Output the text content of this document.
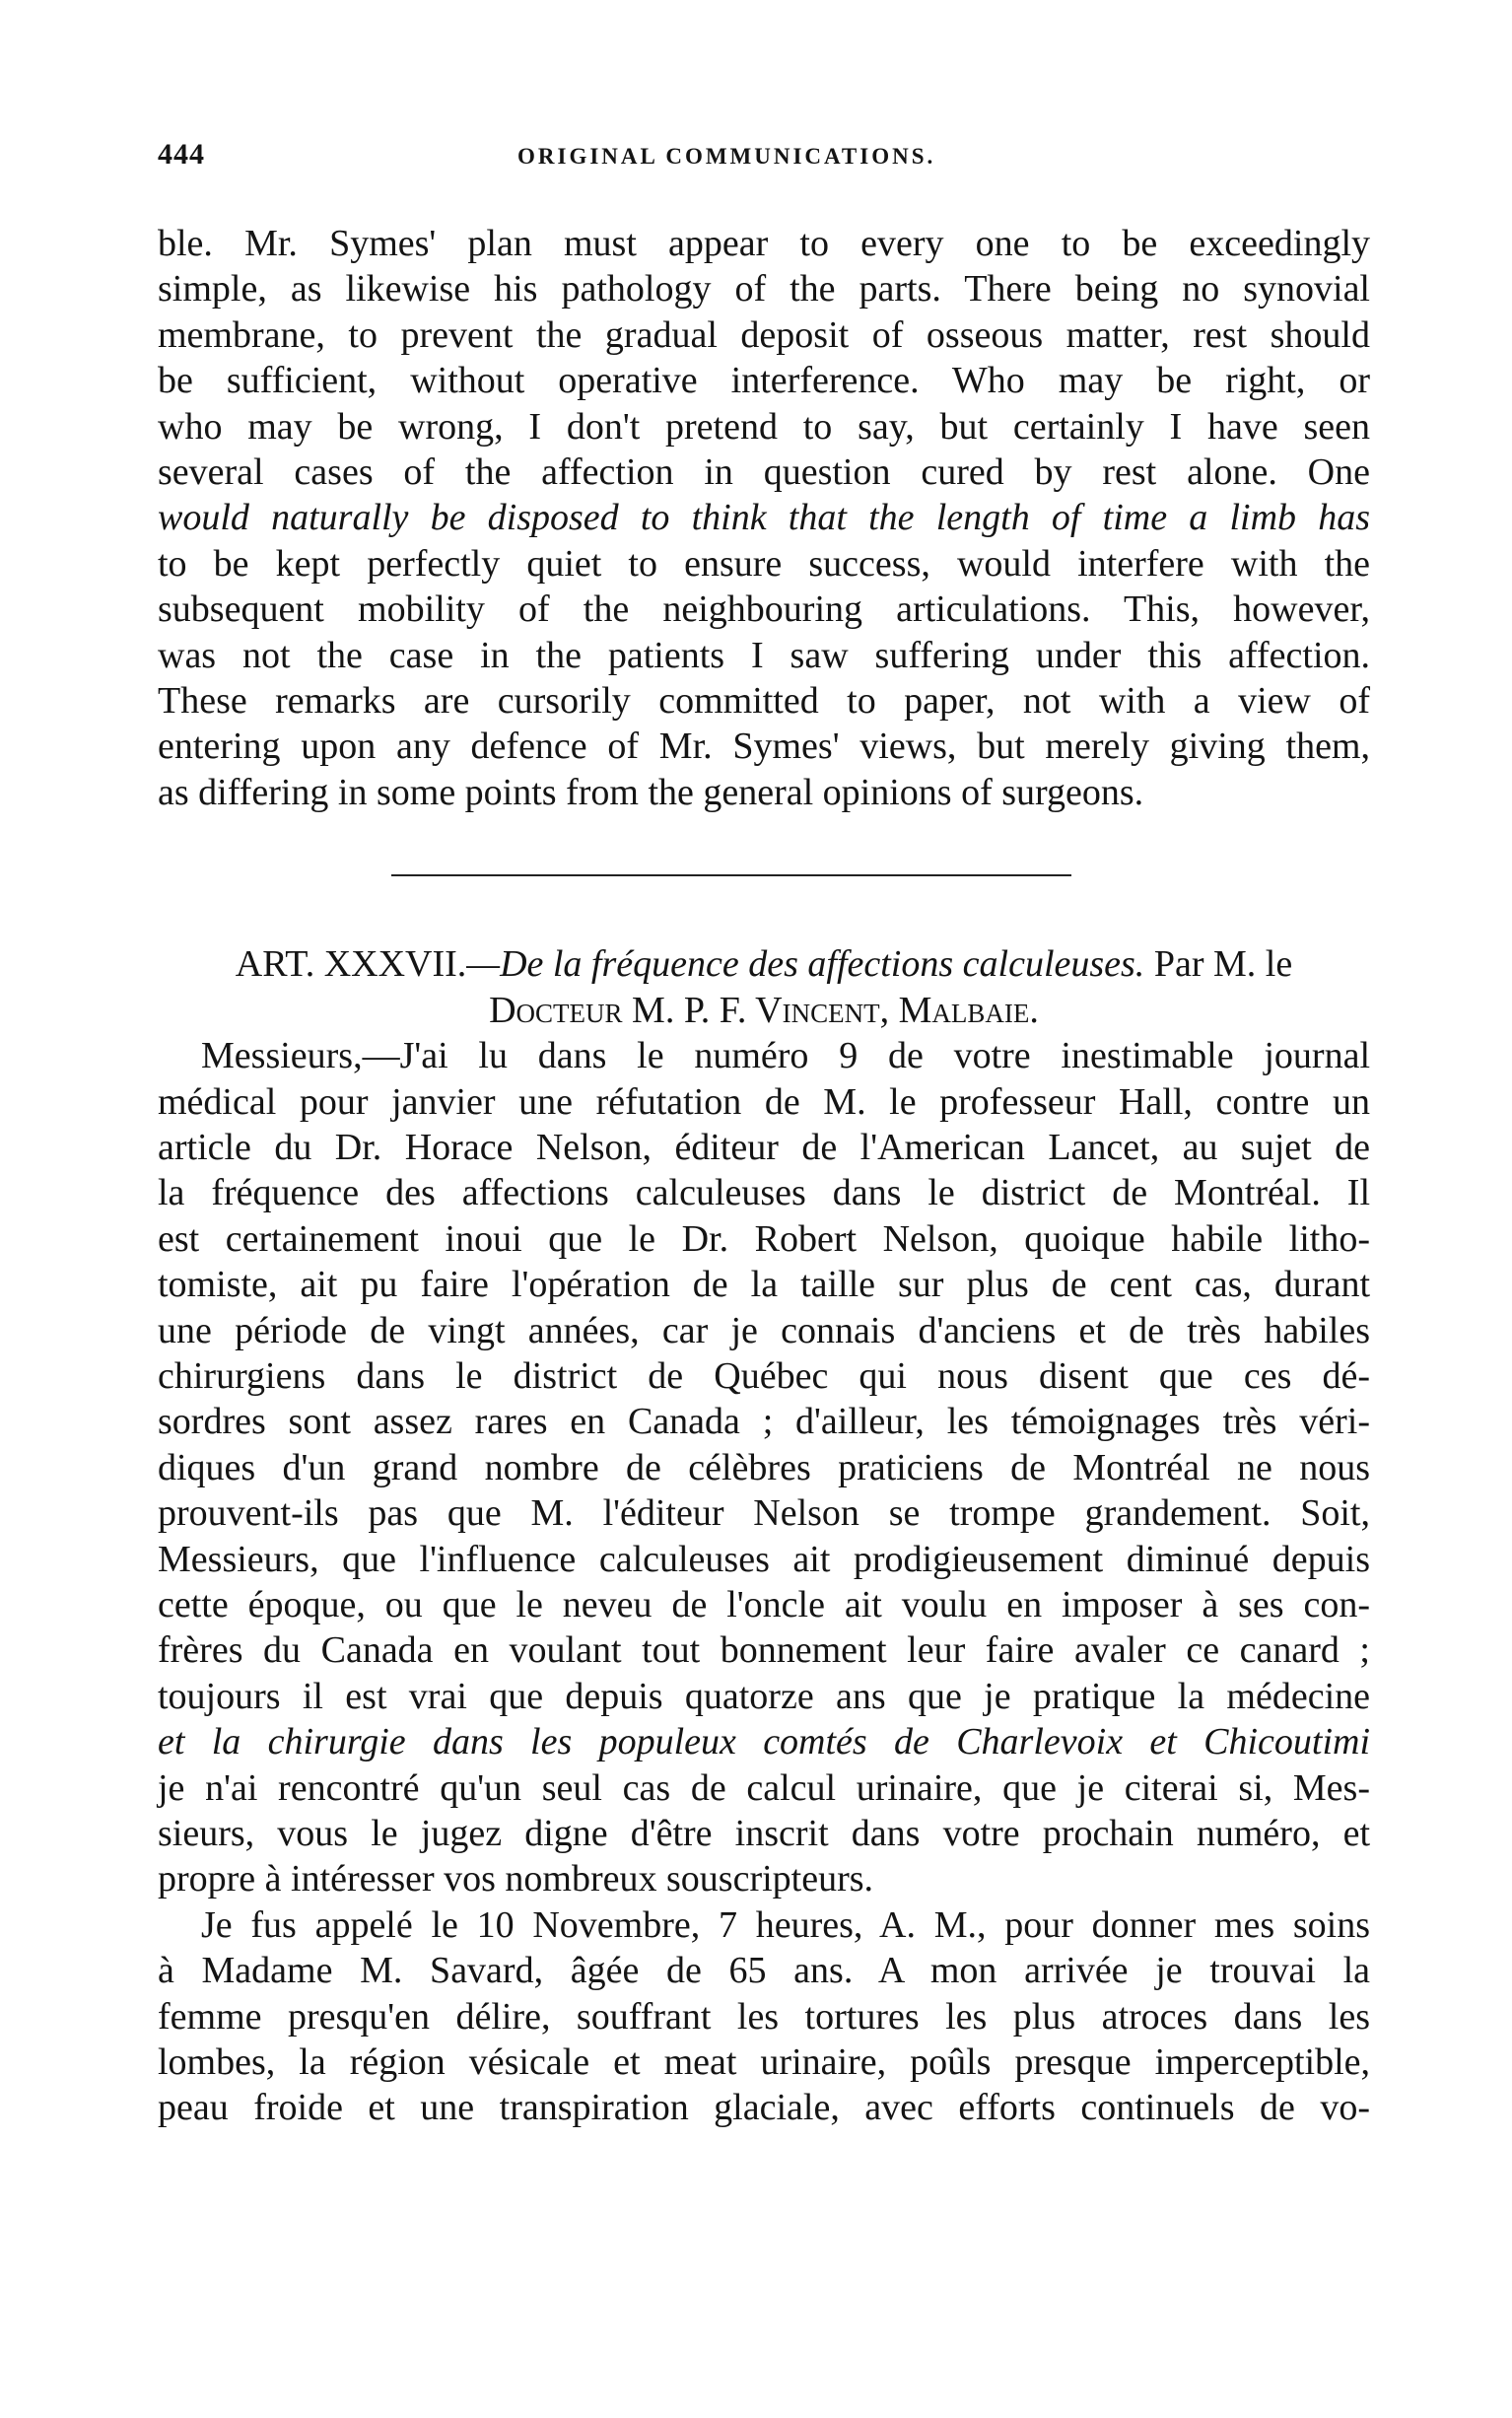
444	ORIGINAL COMMUNICATIONS.
ble. Mr. Symes' plan must appear to every one to be exceedingly
simple, as likewise his pathology of the parts. There being no synovial
membrane, to prevent the gradual deposit of osseous matter, rest should
be sufficient, without operative interference. Who may be right, or
who may be wrong, I don't pretend to say, but certainly I have seen
several cases of the affection in question cured by rest alone. One
would naturally be disposed to think that the length of time a limb has
to be kept perfectly quiet to ensure success, would interfere with the
subsequent mobility of the neighbouring articulations. This, however,
was not the case in the patients I saw suffering under this affection.
These remarks are cursorily committed to paper, not with a view of
entering upon any defence of Mr. Symes' views, but merely giving them,
as differing in some points from the general opinions of surgeons.
ART. XXXVII.—De la fréquence des affections calculeuses. Par M. le
Docteur M. P. F. Vincent, Malbaie.
Messieurs,—J'ai lu dans le numéro 9 de votre inestimable journal
médical pour janvier une réfutation de M. le professeur Hall, contre un
article du Dr. Horace Nelson, éditeur de l'American Lancet, au sujet de
la fréquence des affections calculeuses dans le district de Montréal. Il
est certainement inoui que le Dr. Robert Nelson, quoique habile litho-
tomiste, ait pu faire l'opération de la taille sur plus de cent cas, durant
une période de vingt années, car je connais d'anciens et de très habiles
chirurgiens dans le district de Québec qui nous disent que ces dé-
sordres sont assez rares en Canada ; d'ailleur, les témoignages très véri-
diques d'un grand nombre de célèbres praticiens de Montréal ne nous
prouvent-ils pas que M. l'éditeur Nelson se trompe grandement. Soit,
Messieurs, que l'influence calculeuses ait prodigieusement diminué depuis
cette époque, ou que le neveu de l'oncle ait voulu en imposer à ses con-
frères du Canada en voulant tout bonnement leur faire avaler ce canard ;
toujours il est vrai que depuis quatorze ans que je pratique la médecine
et la chirurgie dans les populeux comtés de Charlevoix et Chicoutimi
je n'ai rencontré qu'un seul cas de calcul urinaire, que je citerai si, Mes-
sieurs, vous le jugez digne d'être inscrit dans votre prochain numéro, et
propre à intéresser vos nombreux souscripteurs.
Je fus appelé le 10 Novembre, 7 heures, A. M., pour donner mes soins
à Madame M. Savard, âgée de 65 ans. A mon arrivée je trouvai la
femme presqu'en délire, souffrant les tortures les plus atroces dans les
lombes, la région vésicale et meat urinaire, poûls presque imperceptible,
peau froide et une transpiration glaciale, avec efforts continuels de vo-
